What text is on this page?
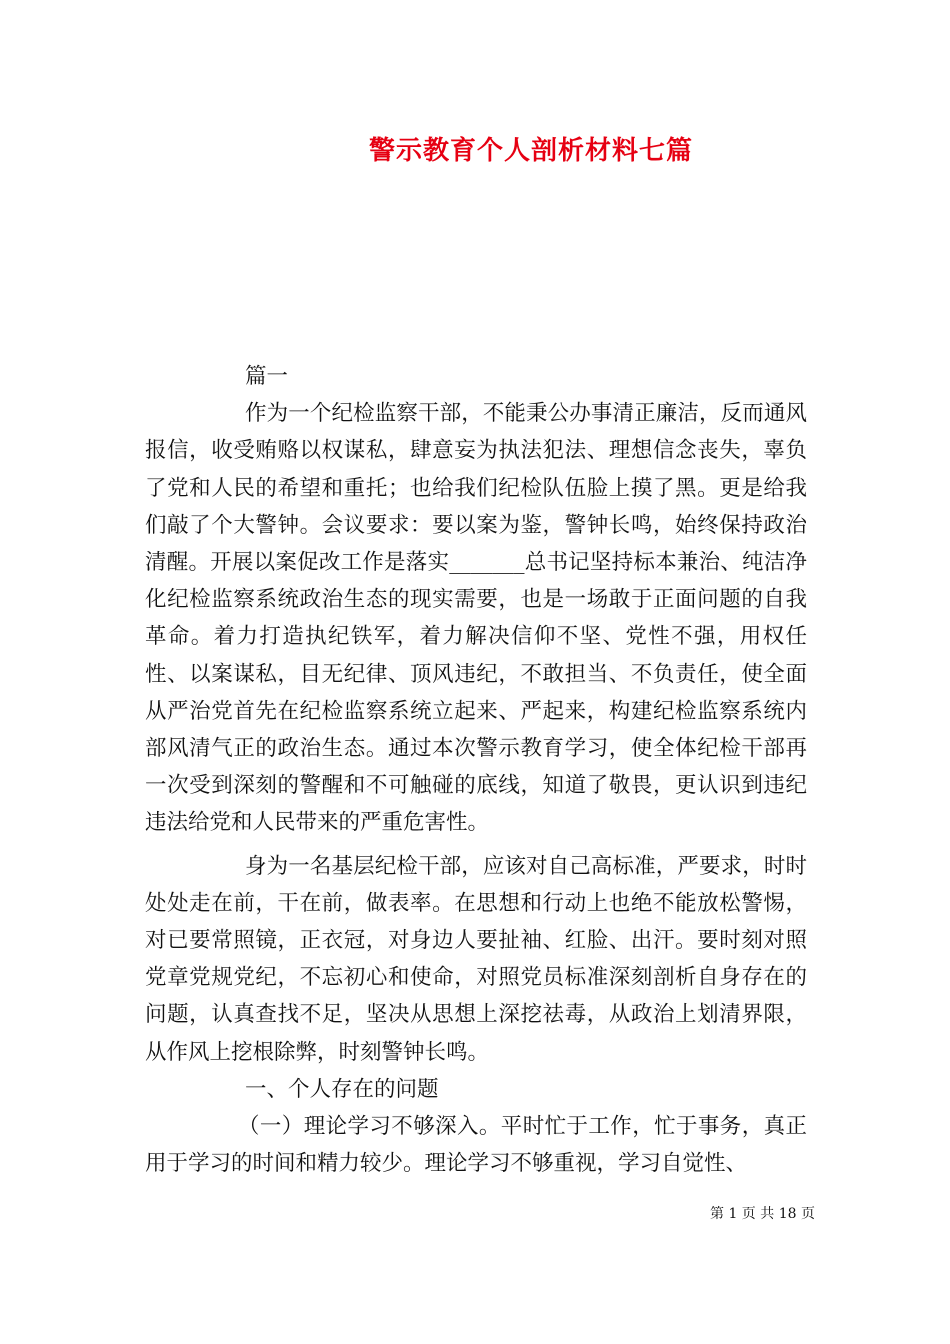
警示教育个人剖析材料七篇

篇一

作为一个纪检监察干部，不能秉公办事清正廉洁，反而通风报信，收受贿赂以权谋私，肆意妄为执法犯法、理想信念丧失，辜负了党和人民的希望和重托；也给我们纪检队伍脸上摸了黑。更是给我们敲了个大警钟。会议要求：要以案为鉴，警钟长鸣，始终保持政治清醒。开展以案促改工作是落实_______总书记坚持标本兼治、纯洁净化纪检监察系统政治生态的现实需要，也是一场敢于正面问题的自我革命。着力打造执纪铁军，着力解决信仰不坚、党性不强，用权任性、以案谋私，目无纪律、顶风违纪，不敢担当、不负责任，使全面从严治党首先在纪检监察系统立起来、严起来，构建纪检监察系统内部风清气正的政治生态。通过本次警示教育学习，使全体纪检干部再一次受到深刻的警醒和不可触碰的底线，知道了敬畏，更认识到违纪违法给党和人民带来的严重危害性。

身为一名基层纪检干部，应该对自己高标准，严要求，时时处处走在前，干在前，做表率。在思想和行动上也绝不能放松警惕，对已要常照镜，正衣冠，对身边人要扯袖、红脸、出汗。要时刻对照党章党规党纪，不忘初心和使命，对照党员标准深刻剖析自身存在的问题，认真查找不足，坚决从思想上深挖祛毒，从政治上划清界限，从作风上挖根除弊，时刻警钟长鸣。

一、个人存在的问题

（一）理论学习不够深入。平时忙于工作，忙于事务，真正用于学习的时间和精力较少。理论学习不够重视，学习自觉性、

第 1 页 共 18 页
